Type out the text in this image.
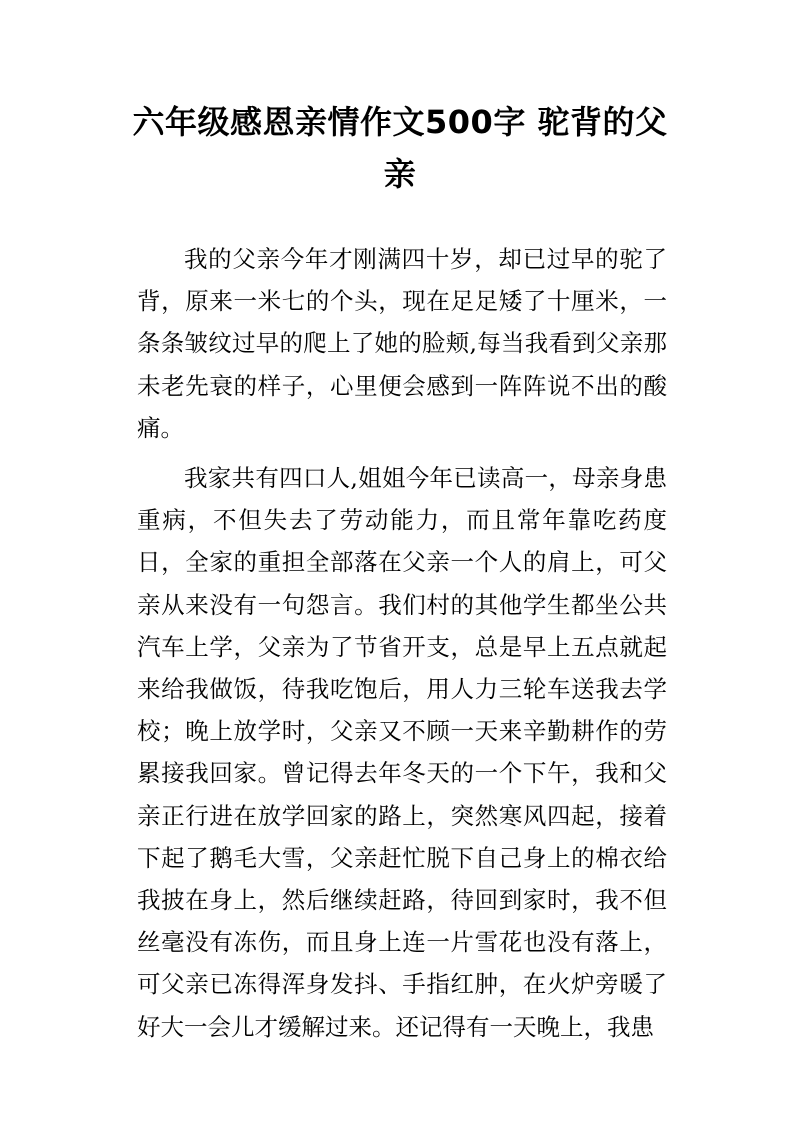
六年级感恩亲情作文500字 驼背的父亲

我的父亲今年才刚满四十岁，却已过早的驼了背，原来一米七的个头，现在足足矮了十厘米，一条条皱纹过早的爬上了她的脸颊,每当我看到父亲那未老先衰的样子，心里便会感到一阵阵说不出的酸痛。

我家共有四口人,姐姐今年已读高一，母亲身患重病，不但失去了劳动能力，而且常年靠吃药度日，全家的重担全部落在父亲一个人的肩上，可父亲从来没有一句怨言。我们村的其他学生都坐公共汽车上学，父亲为了节省开支，总是早上五点就起来给我做饭，待我吃饱后，用人力三轮车送我去学校；晚上放学时，父亲又不顾一天来辛勤耕作的劳累接我回家。曾记得去年冬天的一个下午，我和父亲正行进在放学回家的路上，突然寒风四起，接着下起了鹅毛大雪，父亲赶忙脱下自己身上的棉衣给我披在身上，然后继续赶路，待回到家时，我不但丝毫没有冻伤，而且身上连一片雪花也没有落上，可父亲已冻得浑身发抖、手指红肿，在火炉旁暖了好大一会儿才缓解过来。还记得有一天晚上，我患
